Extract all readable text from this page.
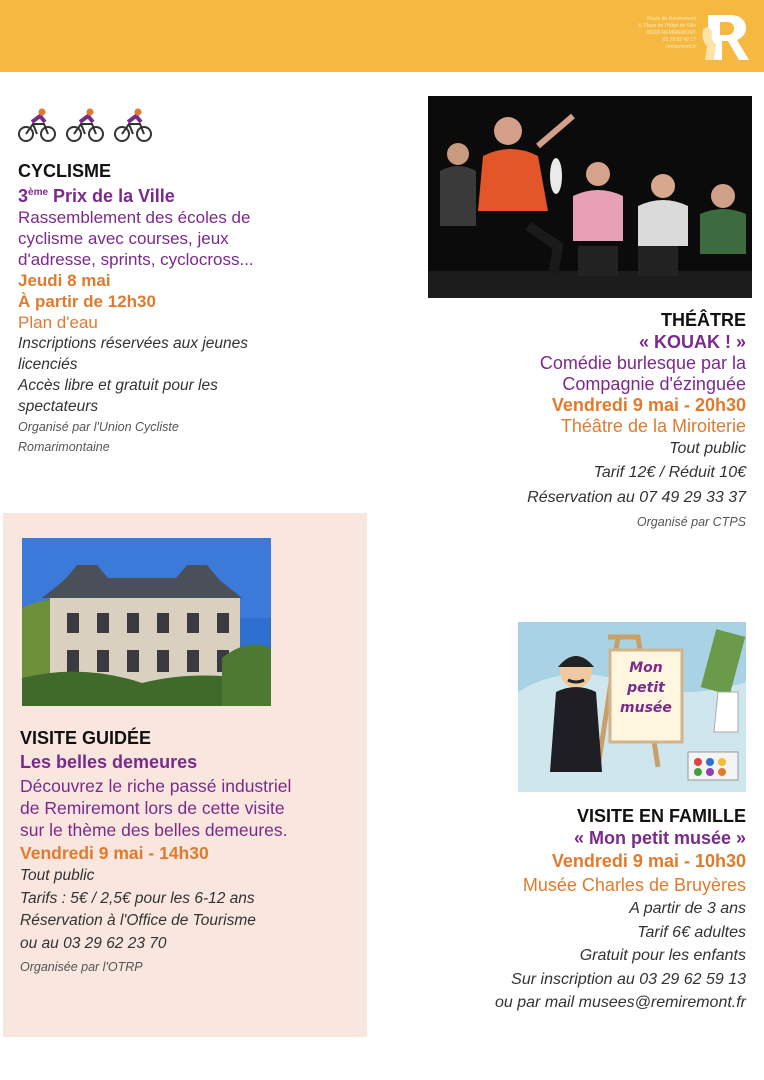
Route de Remiremont
4, Place de l'Hôtel de Ville
88200 REMIREMONT
03 29 62 42 17
remiremont.fr
CYCLISME
3ème Prix de la Ville
Rassemblement des écoles de
cyclisme avec courses, jeux
d'adresse, sprints, cyclocross...
Jeudi 8 mai
À partir de 12h30
Plan d'eau
Inscriptions réservées aux jeunes
licenciés
Accès libre et gratuit pour les
spectateurs
Organisé par l'Union Cycliste
Romarimontaine
THÉÂTRE
« KOUAK ! »
Comédie burlesque par la
Compagnie d'ézinguée
Vendredi 9 mai - 20h30
Théâtre de la Miroiterie
Tout public
Tarif 12€ / Réduit 10€
Réservation au 07 49 29 33 37
Organisé par CTPS
VISITE GUIDÉE
Les belles demeures
Découvrez le riche passé industriel
de Remiremont lors de cette visite
sur le thème des belles demeures.
Vendredi 9 mai - 14h30
Tout public
Tarifs : 5€ / 2,5€ pour les 6-12 ans
Réservation à l'Office de Tourisme
ou au 03 29 62 23 70
Organisée par l'OTRP
Mon
petit
musée
VISITE EN FAMILLE
« Mon petit musée »
Vendredi 9 mai - 10h30
Musée Charles de Bruyères
A partir de 3 ans
Tarif 6€ adultes
Gratuit pour les enfants
Sur inscription au 03 29 62 59 13
ou par mail musees@remiremont.fr
